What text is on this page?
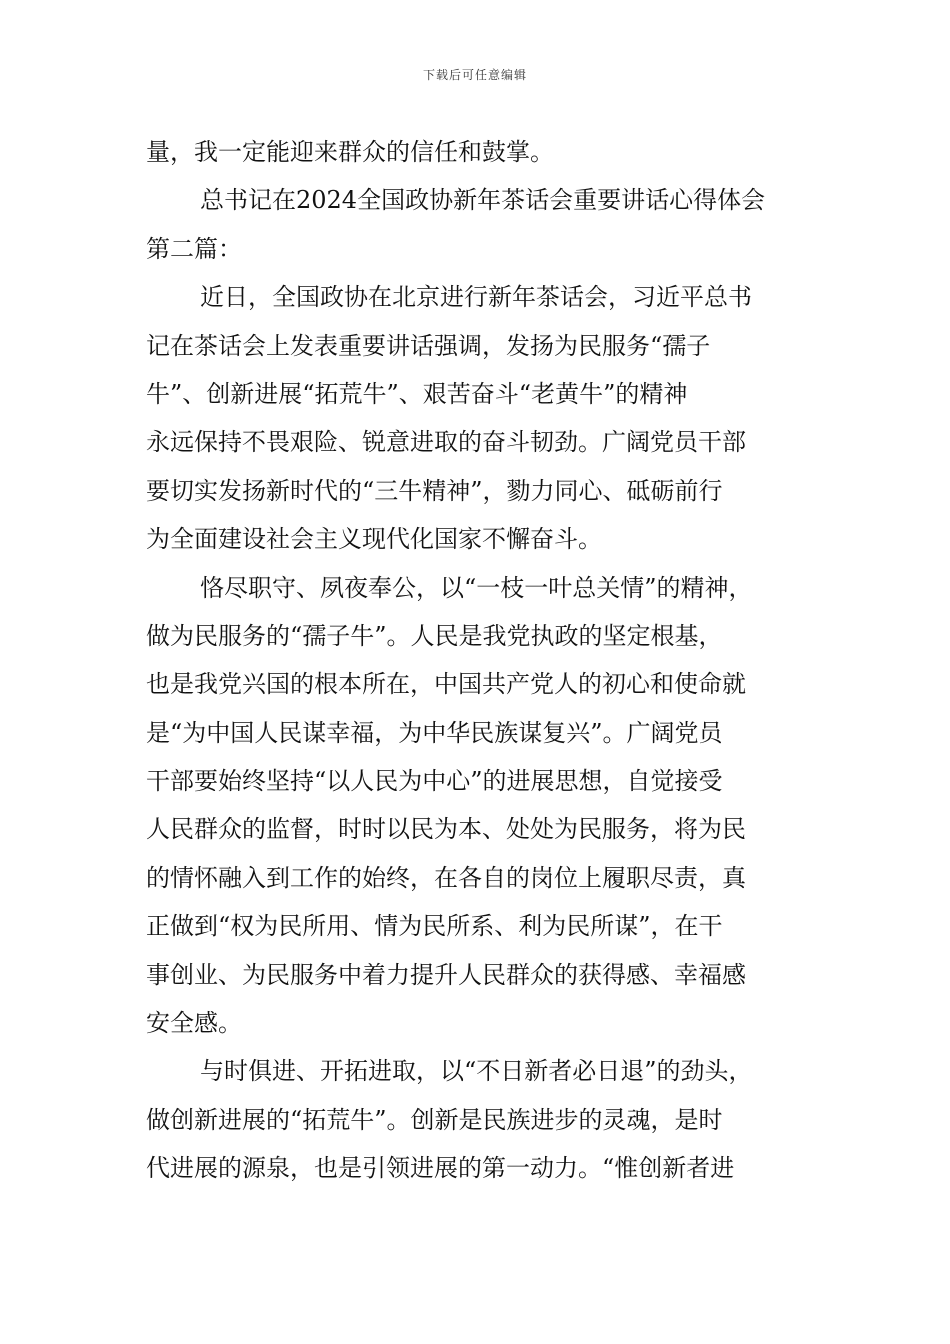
下载后可任意编辑
量，我一定能迎来群众的信任和鼓掌。
总书记在2024全国政协新年茶话会重要讲话心得体会
第二篇：
近日，全国政协在北京进行新年茶话会，习近平总书
记在茶话会上发表重要讲话强调，发扬为民服务“孺子
牛”、创新进展“拓荒牛”、艰苦奋斗“老黄牛”的精神
永远保持不畏艰险、锐意进取的奋斗韧劲。广阔党员干部
要切实发扬新时代的“三牛精神”，勠力同心、砥砺前行
为全面建设社会主义现代化国家不懈奋斗。
恪尽职守、夙夜奉公，以“一枝一叶总关情”的精神，
做为民服务的“孺子牛”。人民是我党执政的坚定根基，
也是我党兴国的根本所在，中国共产党人的初心和使命就
是“为中国人民谋幸福，为中华民族谋复兴”。广阔党员
干部要始终坚持“以人民为中心”的进展思想，自觉接受
人民群众的监督，时时以民为本、处处为民服务，将为民
的情怀融入到工作的始终，在各自的岗位上履职尽责，真
正做到“权为民所用、情为民所系、利为民所谋”，在干
事创业、为民服务中着力提升人民群众的获得感、幸福感
安全感。
与时俱进、开拓进取，以“不日新者必日退”的劲头，
做创新进展的“拓荒牛”。创新是民族进步的灵魂，是时
代进展的源泉，也是引领进展的第一动力。“惟创新者进
